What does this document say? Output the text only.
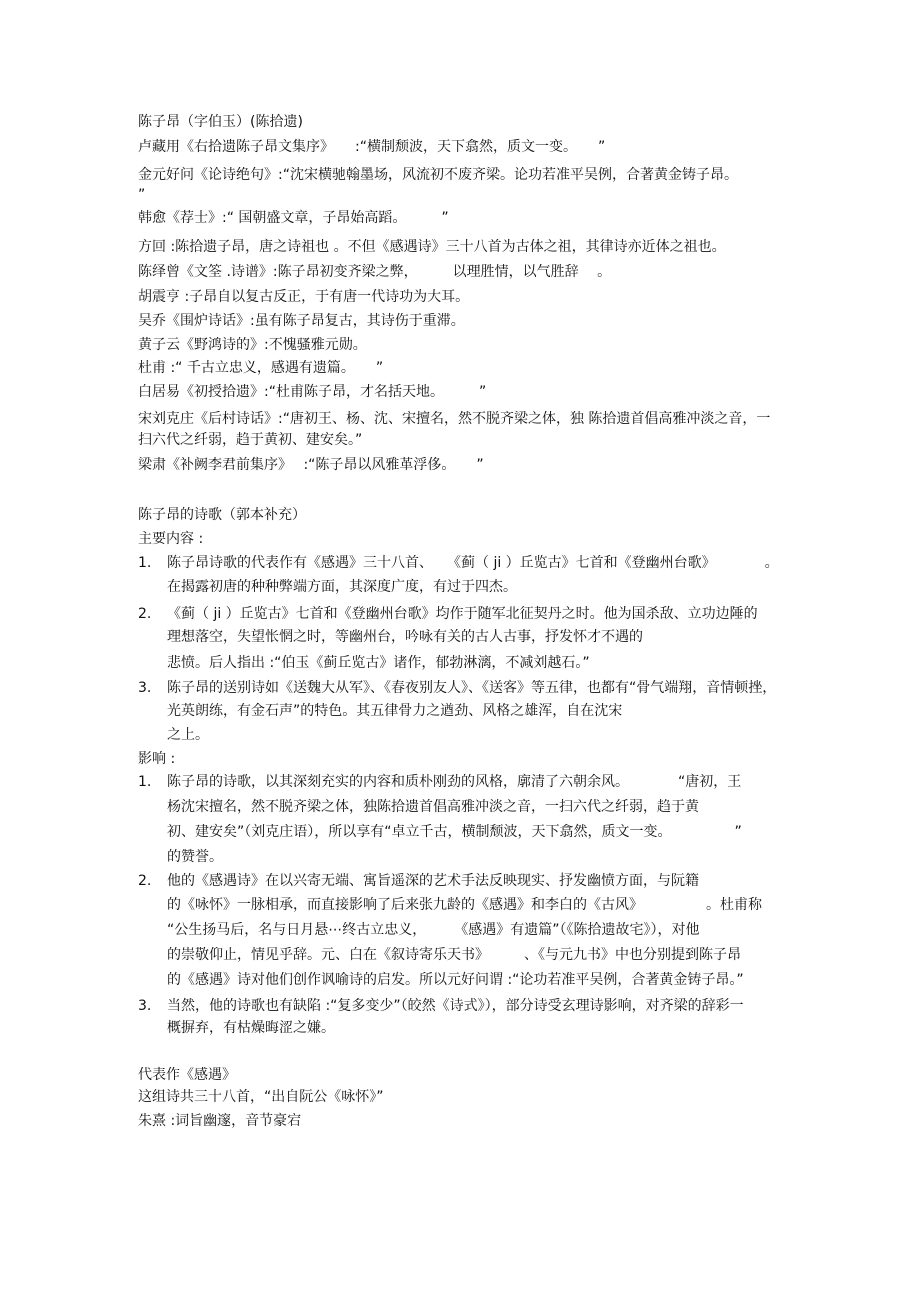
陈子昂（字伯玉）(陈拾遗)
卢藏用《右拾遗陈子昂文集序》　　:“横制颓波，天下翕然，质文一变。　　”
金元好问《论诗绝句》:“沈宋横驰翰墨场，风流初不废齐梁。论功若准平吴例，合著黄金铸子昂。
”
韩愈《荐士》:“ 国朝盛文章，子昂始高蹈。　　　”
方回 :陈拾遗子昂，唐之诗祖也 。不但《感遇诗》三十八首为古体之祖，其律诗亦近体之祖也。
陈绎曾《文筌 .诗谱》:陈子昂初变齐梁之弊，　　　以理胜情，以气胜辞　 。
胡震亨 :子昂自以复古反正，于有唐一代诗功为大耳。
吴乔《围炉诗话》:虽有陈子昂复古，其诗伤于重滞。
黄子云《野鸿诗的》:不愧骚雅元勋。
杜甫 :“ 千古立忠义，感遇有遗篇。　　”
白居易《初授拾遗》:“杜甫陈子昂，才名括天地。　　　”
宋刘克庄《后村诗话》:“唐初王、杨、沈、宋擅名，然不脱齐梁之体，独 陈拾遗首倡高雅冲淡之音，一
扫六代之纤弱，趋于黄初、建安矣。”
梁肃《补阙李君前集序》　 :“陈子昂以风雅革浮侈。　　”
陈子昂的诗歌（郭本补充）
主要内容 :
1. 陈子昂诗歌的代表作有《感遇》三十八首、　　《蓟（ ji ）丘览古》七首和《登幽州台歌》　　　　。
在揭露初唐的种种弊端方面，其深度广度，有过于四杰。
2. 《蓟（ ji ）丘览古》七首和《登幽州台歌》均作于随军北征契丹之时。他为国杀敌、立功边陲的
理想落空，失望怅惘之时，等幽州台，吟咏有关的古人古事，抒发怀才不遇的
悲愤。后人指出 :“伯玉《蓟丘览古》诸作，郁勃淋漓，不减刘越石。”
3. 陈子昂的送别诗如《送魏大从军》、《春夜别友人》、《送客》等五律，也都有“骨气端翔，音情顿挫，
光英朗练，有金石声”的特色。其五律骨力之遒劲、风格之雄浑，自在沈宋
之上。
影响 :
1. 陈子昂的诗歌，以其深刻充实的内容和质朴刚劲的风格，廓清了六朝余风。　　　　“唐初，王
杨沈宋擅名，然不脱齐梁之体，独陈拾遗首倡高雅冲淡之音，一扫六代之纤弱，趋于黄
初、建安矣”（刘克庄语），所以享有“卓立千古，横制颓波，天下翕然，质文一变。　　　　　”
的赞誉。
2. 他的《感遇诗》在以兴寄无端、寓旨遥深的艺术手法反映现实、抒发幽愤方面，与阮籍
的《咏怀》一脉相承，而直接影响了后来张九龄的《感遇》和李白的《古风》　　　　　。杜甫称
“公生扬马后，名与日月悬⋯终古立忠义，　　　《感遇》有遗篇”（《陈拾遗故宅》），对他
的崇敬仰止，情见乎辞。元、白在《叙诗寄乐天书》　　　、《与元九书》中也分别提到陈子昂
的《感遇》诗对他们创作讽喻诗的启发。所以元好问谓 :“论功若准平吴例，合著黄金铸子昂。”
3. 当然，他的诗歌也有缺陷 :“复多变少”（皎然《诗式》），部分诗受玄理诗影响，对齐梁的辞彩一
概摒弃，有枯燥晦涩之嫌。
代表作《感遇》
这组诗共三十八首，“出自阮公《咏怀》”
朱熹 :词旨幽邃，音节豪宕
